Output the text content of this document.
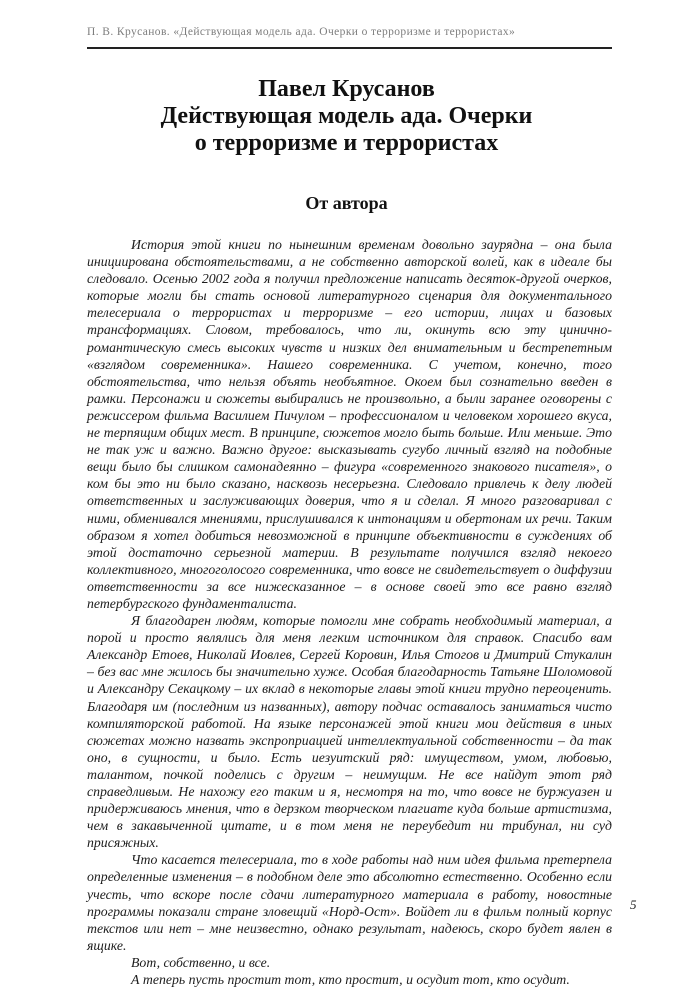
П. В. Крусанов. «Действующая модель ада. Очерки о терроризме и террористах»
Павел Крусанов
Действующая модель ада. Очерки
о терроризме и террористах
От автора

История этой книги по нынешним временам довольно заурядна – она была инициирована обстоятельствами, а не собственно авторской волей, как в идеале бы следовало. Осенью 2002 года я получил предложение написать десяток-другой очерков, которые могли бы стать основой литературного сценария для документального телесериала о террористах и терроризме – его истории, лицах и базовых трансформациях. Словом, требовалось, что ли, окинуть всю эту цинично-романтическую смесь высоких чувств и низких дел внимательным и бестрепетным «взглядом современника». Нашего современника. С учетом, конечно, того обстоятельства, что нельзя объять необъятное. Окоем был сознательно введен в рамки. Персонажи и сюжеты выбирались не произвольно, а были заранее оговорены с режиссером фильма Василием Пичулом – профессионалом и человеком хорошего вкуса, не терпящим общих мест. В принципе, сюжетов могло быть больше. Или меньше. Это не так уж и важно. Важно другое: высказывать сугубо личный взгляд на подобные вещи было бы слишком самонадеянно – фигура «современного знакового писателя», о ком бы это ни было сказано, насквозь несерьезна. Следовало привлечь к делу людей ответственных и заслуживающих доверия, что я и сделал. Я много разговаривал с ними, обменивался мнениями, прислушивался к интонациям и обертонам их речи. Таким образом я хотел добиться невозможной в принципе объективности в суждениях об этой достаточно серьезной материи. В результате получился взгляд некоего коллективного, многоголосого современника, что вовсе не свидетельствует о диффузии ответственности за все нижесказанное – в основе своей это все равно взгляд петербургского фундаменталиста.

Я благодарен людям, которые помогли мне собрать необходимый материал, а порой и просто являлись для меня легким источником для справок. Спасибо вам Александр Етоев, Николай Иовлев, Сергей Коровин, Илья Стогов и Дмитрий Стукалин – без вас мне жилось бы значительно хуже. Особая благодарность Татьяне Шоломовой и Александру Секацкому – их вклад в некоторые главы этой книги трудно переоценить. Благодаря им (последним из названных), автору подчас оставалось заниматься чисто компиляторской работой. На языке персонажей этой книги мои действия в иных сюжетах можно назвать экспроприацией интеллектуальной собственности – да так оно, в сущности, и было. Есть иезуитский ряд: имуществом, умом, любовью, талантом, почкой поделись с другим – неимущим. Не все найдут этот ряд справедливым. Не нахожу его таким и я, несмотря на то, что вовсе не буржуазен и придерживаюсь мнения, что в дерзком творческом плагиате куда больше артистизма, чем в закавыченной цитате, и в том меня не переубедит ни трибунал, ни суд присяжных.

Что касается телесериала, то в ходе работы над ним идея фильма претерпела определенные изменения – в подобном деле это абсолютно естественно. Особенно если учесть, что вскоре после сдачи литературного материала в работу, новостные программы показали стране зловещий «Норд-Ост». Войдет ли в фильм полный корпус текстов или нет – мне неизвестно, однако результат, надеюсь, скоро будет явлен в ящике.

Вот, собственно, и все.

А теперь пусть простит тот, кто простит, и осудит тот, кто осудит.

5
